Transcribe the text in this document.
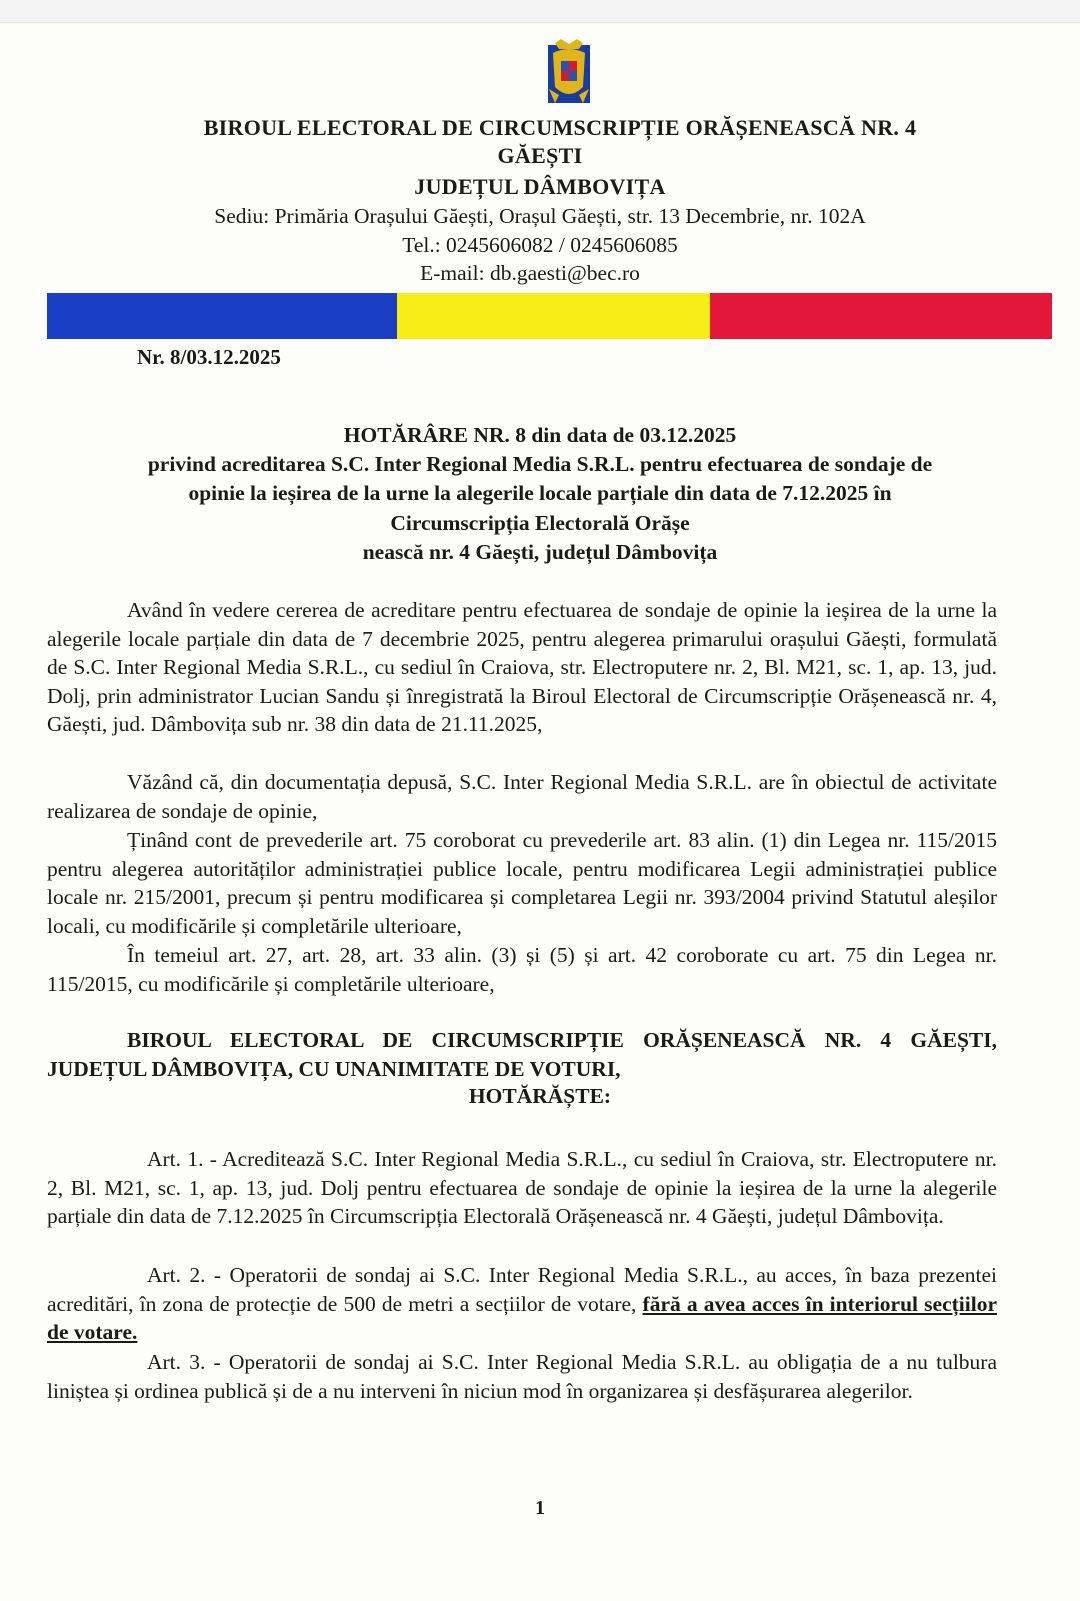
BIROUL ELECTORAL DE CIRCUMSCRIPȚIE ORĂȘENEASCĂ NR. 4
GĂEȘTI
JUDEȚUL DÂMBOVIȚA
Sediu: Primăria Orașului Găești, Orașul Găești, str. 13 Decembrie, nr. 102A
Tel.: 0245606082 / 0245606085
E-mail: db.gaesti@bec.ro
Nr. 8/03.12.2025
HOTĂRÂRE NR. 8 din data de 03.12.2025
privind acreditarea S.C. Inter Regional Media S.R.L. pentru efectuarea de sondaje de
opinie la ieșirea de la urne la alegerile locale parțiale din data de 7.12.2025 în
Circumscripția Electorală Orășe
nească nr. 4 Găești, județul Dâmbovița
Având în vedere cererea de acreditare pentru efectuarea de sondaje de opinie la ieșirea de la urne la alegerile locale parțiale din data de 7 decembrie 2025, pentru alegerea primarului orașului Găești, formulată de S.C. Inter Regional Media S.R.L., cu sediul în Craiova, str. Electroputere nr. 2, Bl. M21, sc. 1, ap. 13, jud. Dolj, prin administrator Lucian Sandu și înregistrată la Biroul Electoral de Circumscripție Orășenească nr. 4, Găești, jud. Dâmbovița sub nr. 38 din data de 21.11.2025,
Văzând că, din documentația depusă, S.C. Inter Regional Media S.R.L. are în obiectul de activitate realizarea de sondaje de opinie,
Ținând cont de prevederile art. 75 coroborat cu prevederile art. 83 alin. (1) din Legea nr. 115/2015 pentru alegerea autorităților administrației publice locale, pentru modificarea Legii administrației publice locale nr. 215/2001, precum și pentru modificarea și completarea Legii nr. 393/2004 privind Statutul aleșilor locali, cu modificările și completările ulterioare,
În temeiul art. 27, art. 28, art. 33 alin. (3) și (5) și art. 42 coroborate cu art. 75 din Legea nr. 115/2015, cu modificările și completările ulterioare,
BIROUL ELECTORAL DE CIRCUMSCRIPȚIE ORĂȘENEASCĂ NR. 4 GĂEȘTI, JUDEȚUL DÂMBOVIȚA, CU UNANIMITATE DE VOTURI,
HOTĂRĂȘTE:
Art. 1. - Acreditează S.C. Inter Regional Media S.R.L., cu sediul în Craiova, str. Electroputere nr. 2, Bl. M21, sc. 1, ap. 13, jud. Dolj pentru efectuarea de sondaje de opinie la ieșirea de la urne la alegerile parțiale din data de 7.12.2025 în Circumscripția Electorală Orășenească nr. 4 Găești, județul Dâmbovița.
Art. 2. - Operatorii de sondaj ai S.C. Inter Regional Media S.R.L., au acces, în baza prezentei acreditări, în zona de protecție de 500 de metri a secțiilor de votare, fără a avea acces în interiorul secțiilor de votare.
Art. 3. - Operatorii de sondaj ai S.C. Inter Regional Media S.R.L. au obligația de a nu tulbura liniștea și ordinea publică și de a nu interveni în niciun mod în organizarea și desfășurarea alegerilor.
1
